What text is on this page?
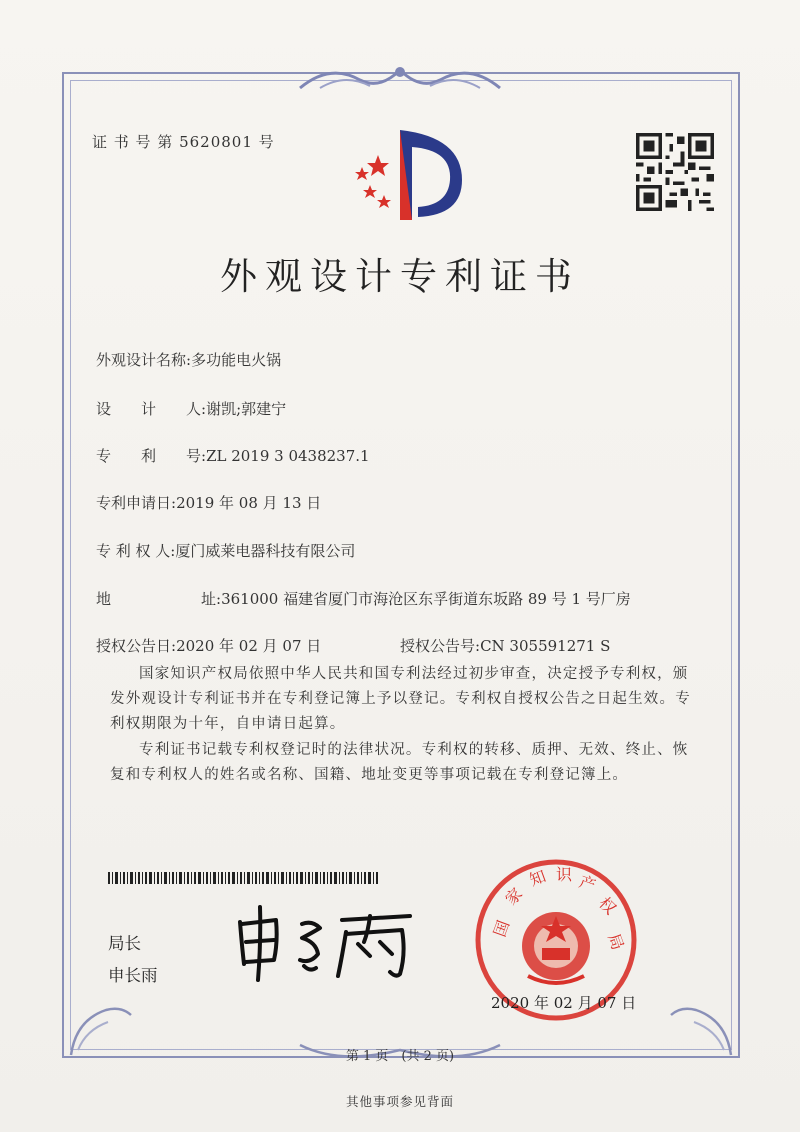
证 书 号 第 5620801 号
外观设计专利证书
外观设计名称:多功能电火锅
设　　计　　人:谢凯;郭建宁
专　　利　　号:ZL 2019 3 0438237.1
专利申请日:2019 年 08 月 13 日
专 利 权 人:厦门威莱电器科技有限公司
地　　　　　　址:361000 福建省厦门市海沧区东孚街道东坂路 89 号 1 号厂房
授权公告日:2020 年 02 月 07 日	授权公告号:CN 305591271 S
国家知识产权局依照中华人民共和国专利法经过初步审查，决定授予专利权，颁发外观设计专利证书并在专利登记簿上予以登记。专利权自授权公告之日起生效。专利权期限为十年，自申请日起算。
专利证书记载专利权登记时的法律状况。专利权的转移、质押、无效、终止、恢复和专利权人的姓名或名称、国籍、地址变更等事项记载在专利登记簿上。
局长
申长雨
国
家
知 识 产
权
局
2020 年 02 月 07 日
第 1 页　(共 2 页)
其他事项参见背面
